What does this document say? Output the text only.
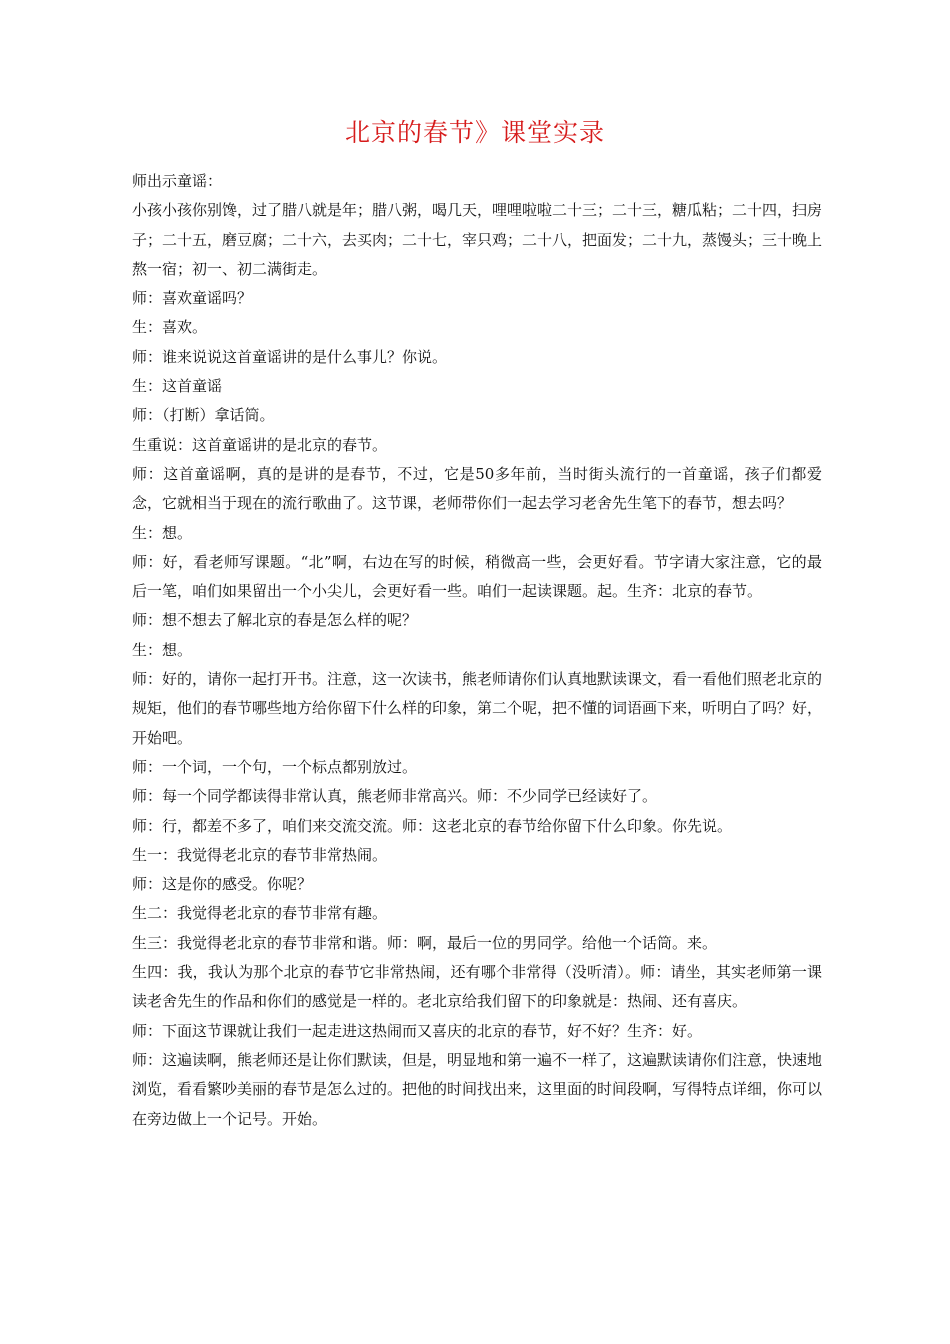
北京的春节》课堂实录

师出示童谣：

小孩小孩你别馋，过了腊八就是年；腊八粥，喝几天，哩哩啦啦二十三；二十三，糖瓜粘；二十四，扫房子；二十五，磨豆腐；二十六，去买肉；二十七，宰只鸡；二十八，把面发；二十九，蒸馒头；三十晚上熬一宿；初一、初二满街走。

师：喜欢童谣吗？

生：喜欢。

师：谁来说说这首童谣讲的是什么事儿？你说。

生：这首童谣

师：（打断）拿话筒。

生重说：这首童谣讲的是北京的春节。

师：这首童谣啊，真的是讲的是春节，不过，它是50多年前，当时街头流行的一首童谣，孩子们都爱念，它就相当于现在的流行歌曲了。这节课，老师带你们一起去学习老舍先生笔下的春节，想去吗？

生：想。

师：好，看老师写课题。“北”啊，右边在写的时候，稍微高一些，会更好看。节字请大家注意，它的最后一笔，咱们如果留出一个小尖儿，会更好看一些。咱们一起读课题。起。生齐：北京的春节。

师：想不想去了解北京的春是怎么样的呢？

生：想。

师：好的，请你一起打开书。注意，这一次读书，熊老师请你们认真地默读课文，看一看他们照老北京的规矩，他们的春节哪些地方给你留下什么样的印象，第二个呢，把不懂的词语画下来，听明白了吗？好，开始吧。

师：一个词，一个句，一个标点都别放过。

师：每一个同学都读得非常认真，熊老师非常高兴。师：不少同学已经读好了。

师：行，都差不多了，咱们来交流交流。师：这老北京的春节给你留下什么印象。你先说。

生一：我觉得老北京的春节非常热闹。

师：这是你的感受。你呢？

生二：我觉得老北京的春节非常有趣。

生三：我觉得老北京的春节非常和谐。师：啊，最后一位的男同学。给他一个话筒。来。

生四：我，我认为那个北京的春节它非常热闹，还有哪个非常得（没听清）。师：请坐，其实老师第一课读老舍先生的作品和你们的感觉是一样的。老北京给我们留下的印象就是：热闹、还有喜庆。

师：下面这节课就让我们一起走进这热闹而又喜庆的北京的春节，好不好？生齐：好。

师：这遍读啊，熊老师还是让你们默读，但是，明显地和第一遍不一样了，这遍默读请你们注意，快速地浏览，看看繁吵美丽的春节是怎么过的。把他的时间找出来，这里面的时间段啊，写得特点详细，你可以在旁边做上一个记号。开始。
